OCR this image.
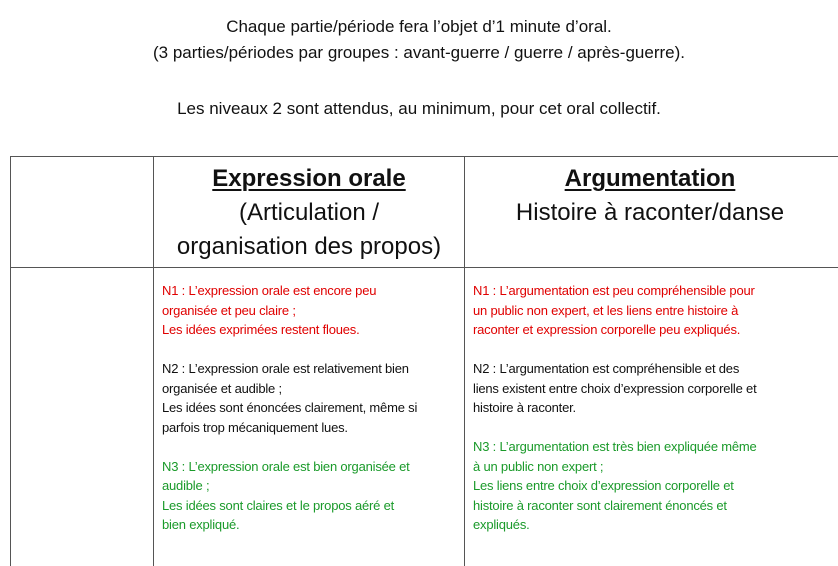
Chaque partie/période fera l’objet d’1 minute d’oral.
(3 parties/périodes par groupes : avant-guerre / guerre / après-guerre).
Les niveaux 2 sont attendus, au minimum, pour cet oral collectif.
Expression orale
(Articulation /
organisation des propos)
Argumentation
Histoire à raconter/danse
N1 : L’expression orale est encore peu
organisée et peu claire ;
Les idées exprimées restent floues.
N2 : L’expression orale est relativement bien
organisée et audible ;
Les idées sont énoncées clairement, même si
parfois trop mécaniquement lues.
N3 : L’expression orale est bien organisée et
audible ;
Les idées sont claires et le propos aéré et
bien expliqué.
N1 : L’argumentation est peu compréhensible pour
un public non expert, et les liens entre histoire à
raconter et expression corporelle peu expliqués.
N2 : L’argumentation est compréhensible et des
liens existent entre choix d’expression corporelle et
histoire à raconter.
N3 : L’argumentation est très bien expliquée même
à un public non expert ;
Les liens entre choix d’expression corporelle et
histoire à raconter sont clairement énoncés et
expliqués.
